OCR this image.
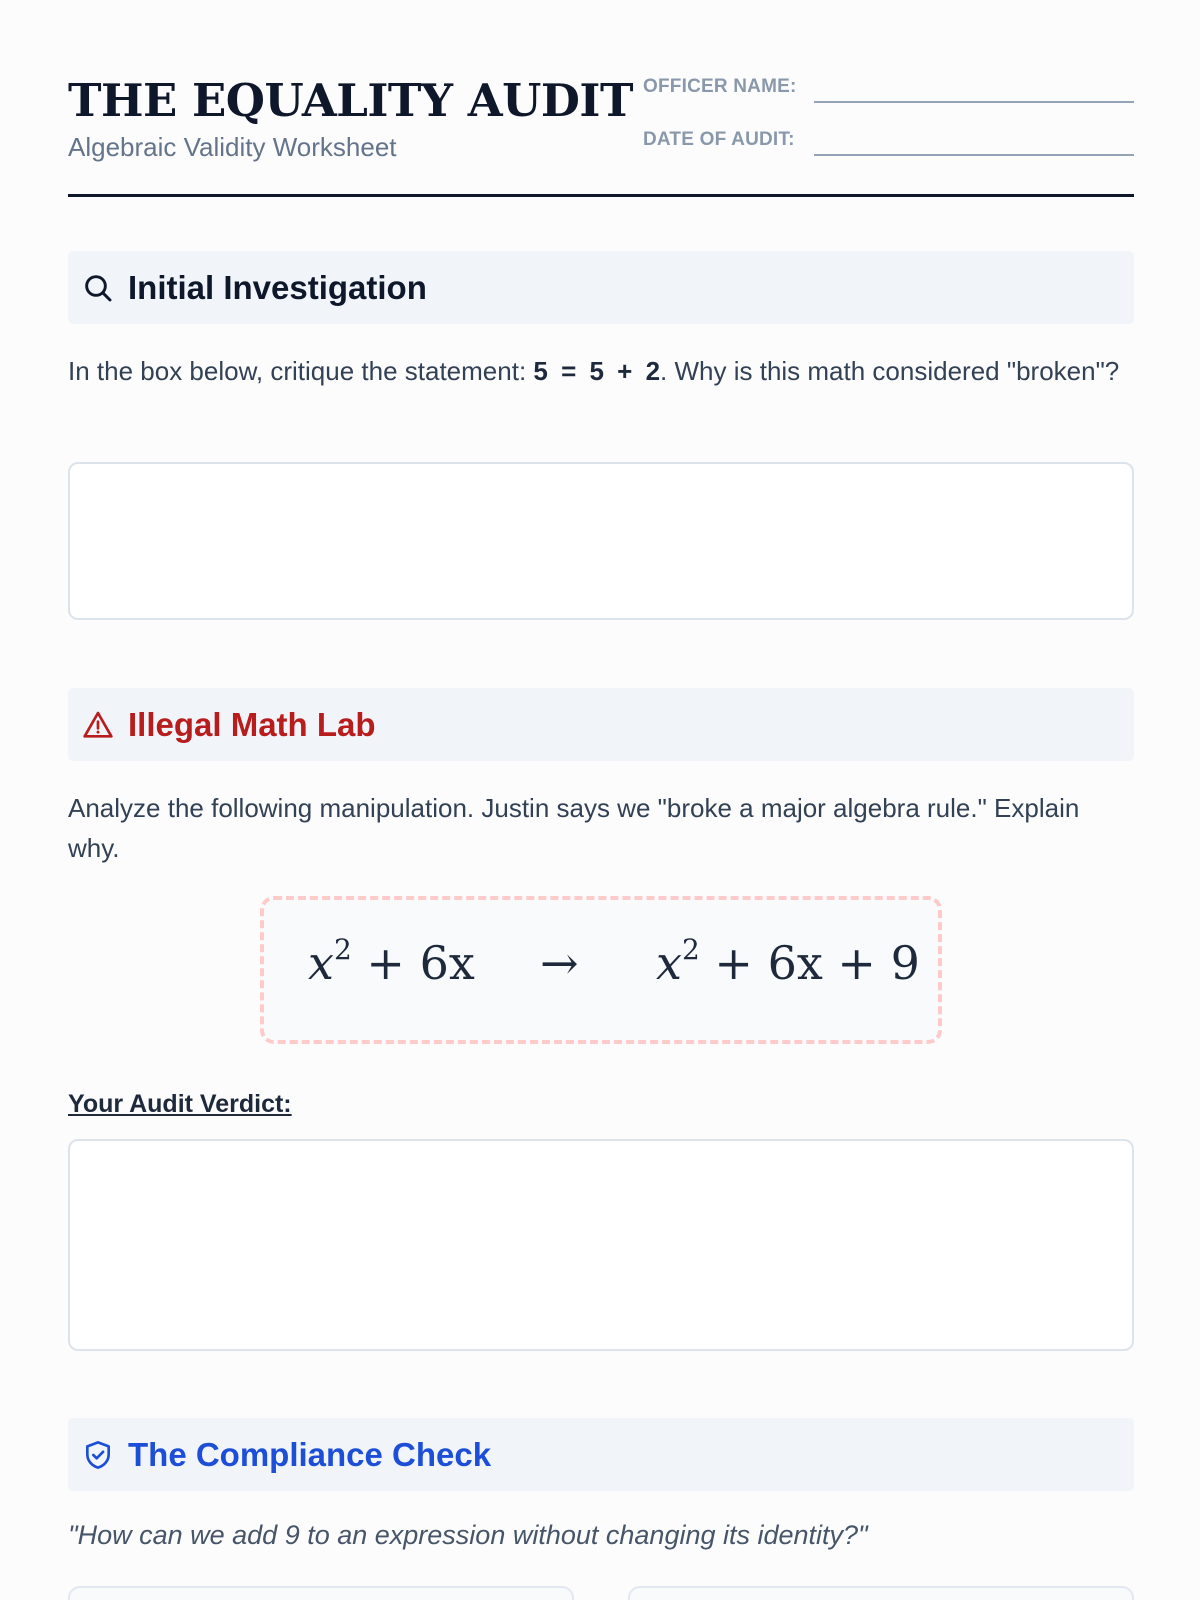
THE EQUALITY AUDIT
Algebraic Validity Worksheet
OFFICER NAME:
DATE OF AUDIT:
Initial Investigation
In the box below, critique the statement: 5 = 5 + 2. Why is this math considered "broken"?
Illegal Math Lab
Analyze the following manipulation. Justin says we "broke a major algebra rule." Explain why.
$x^2 + 6x \to x^2 + 6x + 9$
Your Audit Verdict:
The Compliance Check
"How can we add 9 to an expression without changing its identity?"
